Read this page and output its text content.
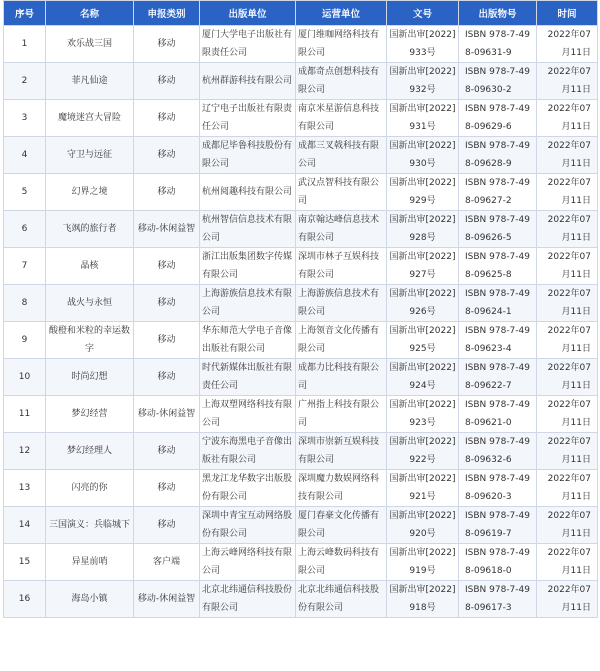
序号	名称	申报类别	出版单位	运营单位	文号	出版物号	时间
1	欢乐战三国	移动	厦门大学电子出版社有限责任公司	厦门维咖网络科技有限公司	国新出审[2022]933号	ISBN 978-7-498-09631-9	2022年07月11日
2	菲凡仙途	移动	杭州群游科技有限公司	成都奇点创想科技有限公司	国新出审[2022]932号	ISBN 978-7-498-09630-2	2022年07月11日
3	魔境迷宫大冒险	移动	辽宁电子出版社有限责任公司	南京米星游信息科技有限公司	国新出审[2022]931号	ISBN 978-7-498-09629-6	2022年07月11日
4	守卫与远征	移动	成都尼毕鲁科技股份有限公司	成都三叉戟科技有限公司	国新出审[2022]930号	ISBN 978-7-498-09628-9	2022年07月11日
5	幻界之境	移动	杭州阅趣科技有限公司	武汉点智科技有限公司	国新出审[2022]929号	ISBN 978-7-498-09627-2	2022年07月11日
6	飞飒的旅行者	移动-休闲益智	杭州智信信息技术有限公司	南京翰达峰信息技术有限公司	国新出审[2022]928号	ISBN 978-7-498-09626-5	2022年07月11日
7	晶核	移动	浙江出版集团数字传媒有限公司	深圳市林子互娱科技有限公司	国新出审[2022]927号	ISBN 978-7-498-09625-8	2022年07月11日
8	战火与永恒	移动	上海游族信息技术有限公司	上海游族信息技术有限公司	国新出审[2022]926号	ISBN 978-7-498-09624-1	2022年07月11日
9	酸橙和米粒的幸运数字	移动	华东师范大学电子音像出版社有限公司	上海领音文化传播有限公司	国新出审[2022]925号	ISBN 978-7-498-09623-4	2022年07月11日
10	时尚幻想	移动	时代新媒体出版社有限责任公司	成都力比科技有限公司	国新出审[2022]924号	ISBN 978-7-498-09622-7	2022年07月11日
11	梦幻经营	移动-休闲益智	上海双塑网络科技有限公司	广州指上科技有限公司	国新出审[2022]923号	ISBN 978-7-498-09621-0	2022年07月11日
12	梦幻经理人	移动	宁波东海黑电子音像出版社有限公司	深圳市崇新互娱科技有限公司	国新出审[2022]922号	ISBN 978-7-498-09632-6	2022年07月11日
13	闪亮的你	移动	黑龙江龙华数字出版股份有限公司	深圳魔力数娱网络科技有限公司	国新出审[2022]921号	ISBN 978-7-498-09620-3	2022年07月11日
14	三国演义：兵临城下	移动	深圳中青宝互动网络股份有限公司	厦门春豪文化传播有限公司	国新出审[2022]920号	ISBN 978-7-498-09619-7	2022年07月11日
15	异星前哨	客户端	上海云峰网络科技有限公司	上海云峰数码科技有限公司	国新出审[2022]919号	ISBN 978-7-498-09618-0	2022年07月11日
16	海岛小镇	移动-休闲益智	北京北纬通信科技股份有限公司	北京北纬通信科技股份有限公司	国新出审[2022]918号	ISBN 978-7-498-09617-3	2022年07月11日
